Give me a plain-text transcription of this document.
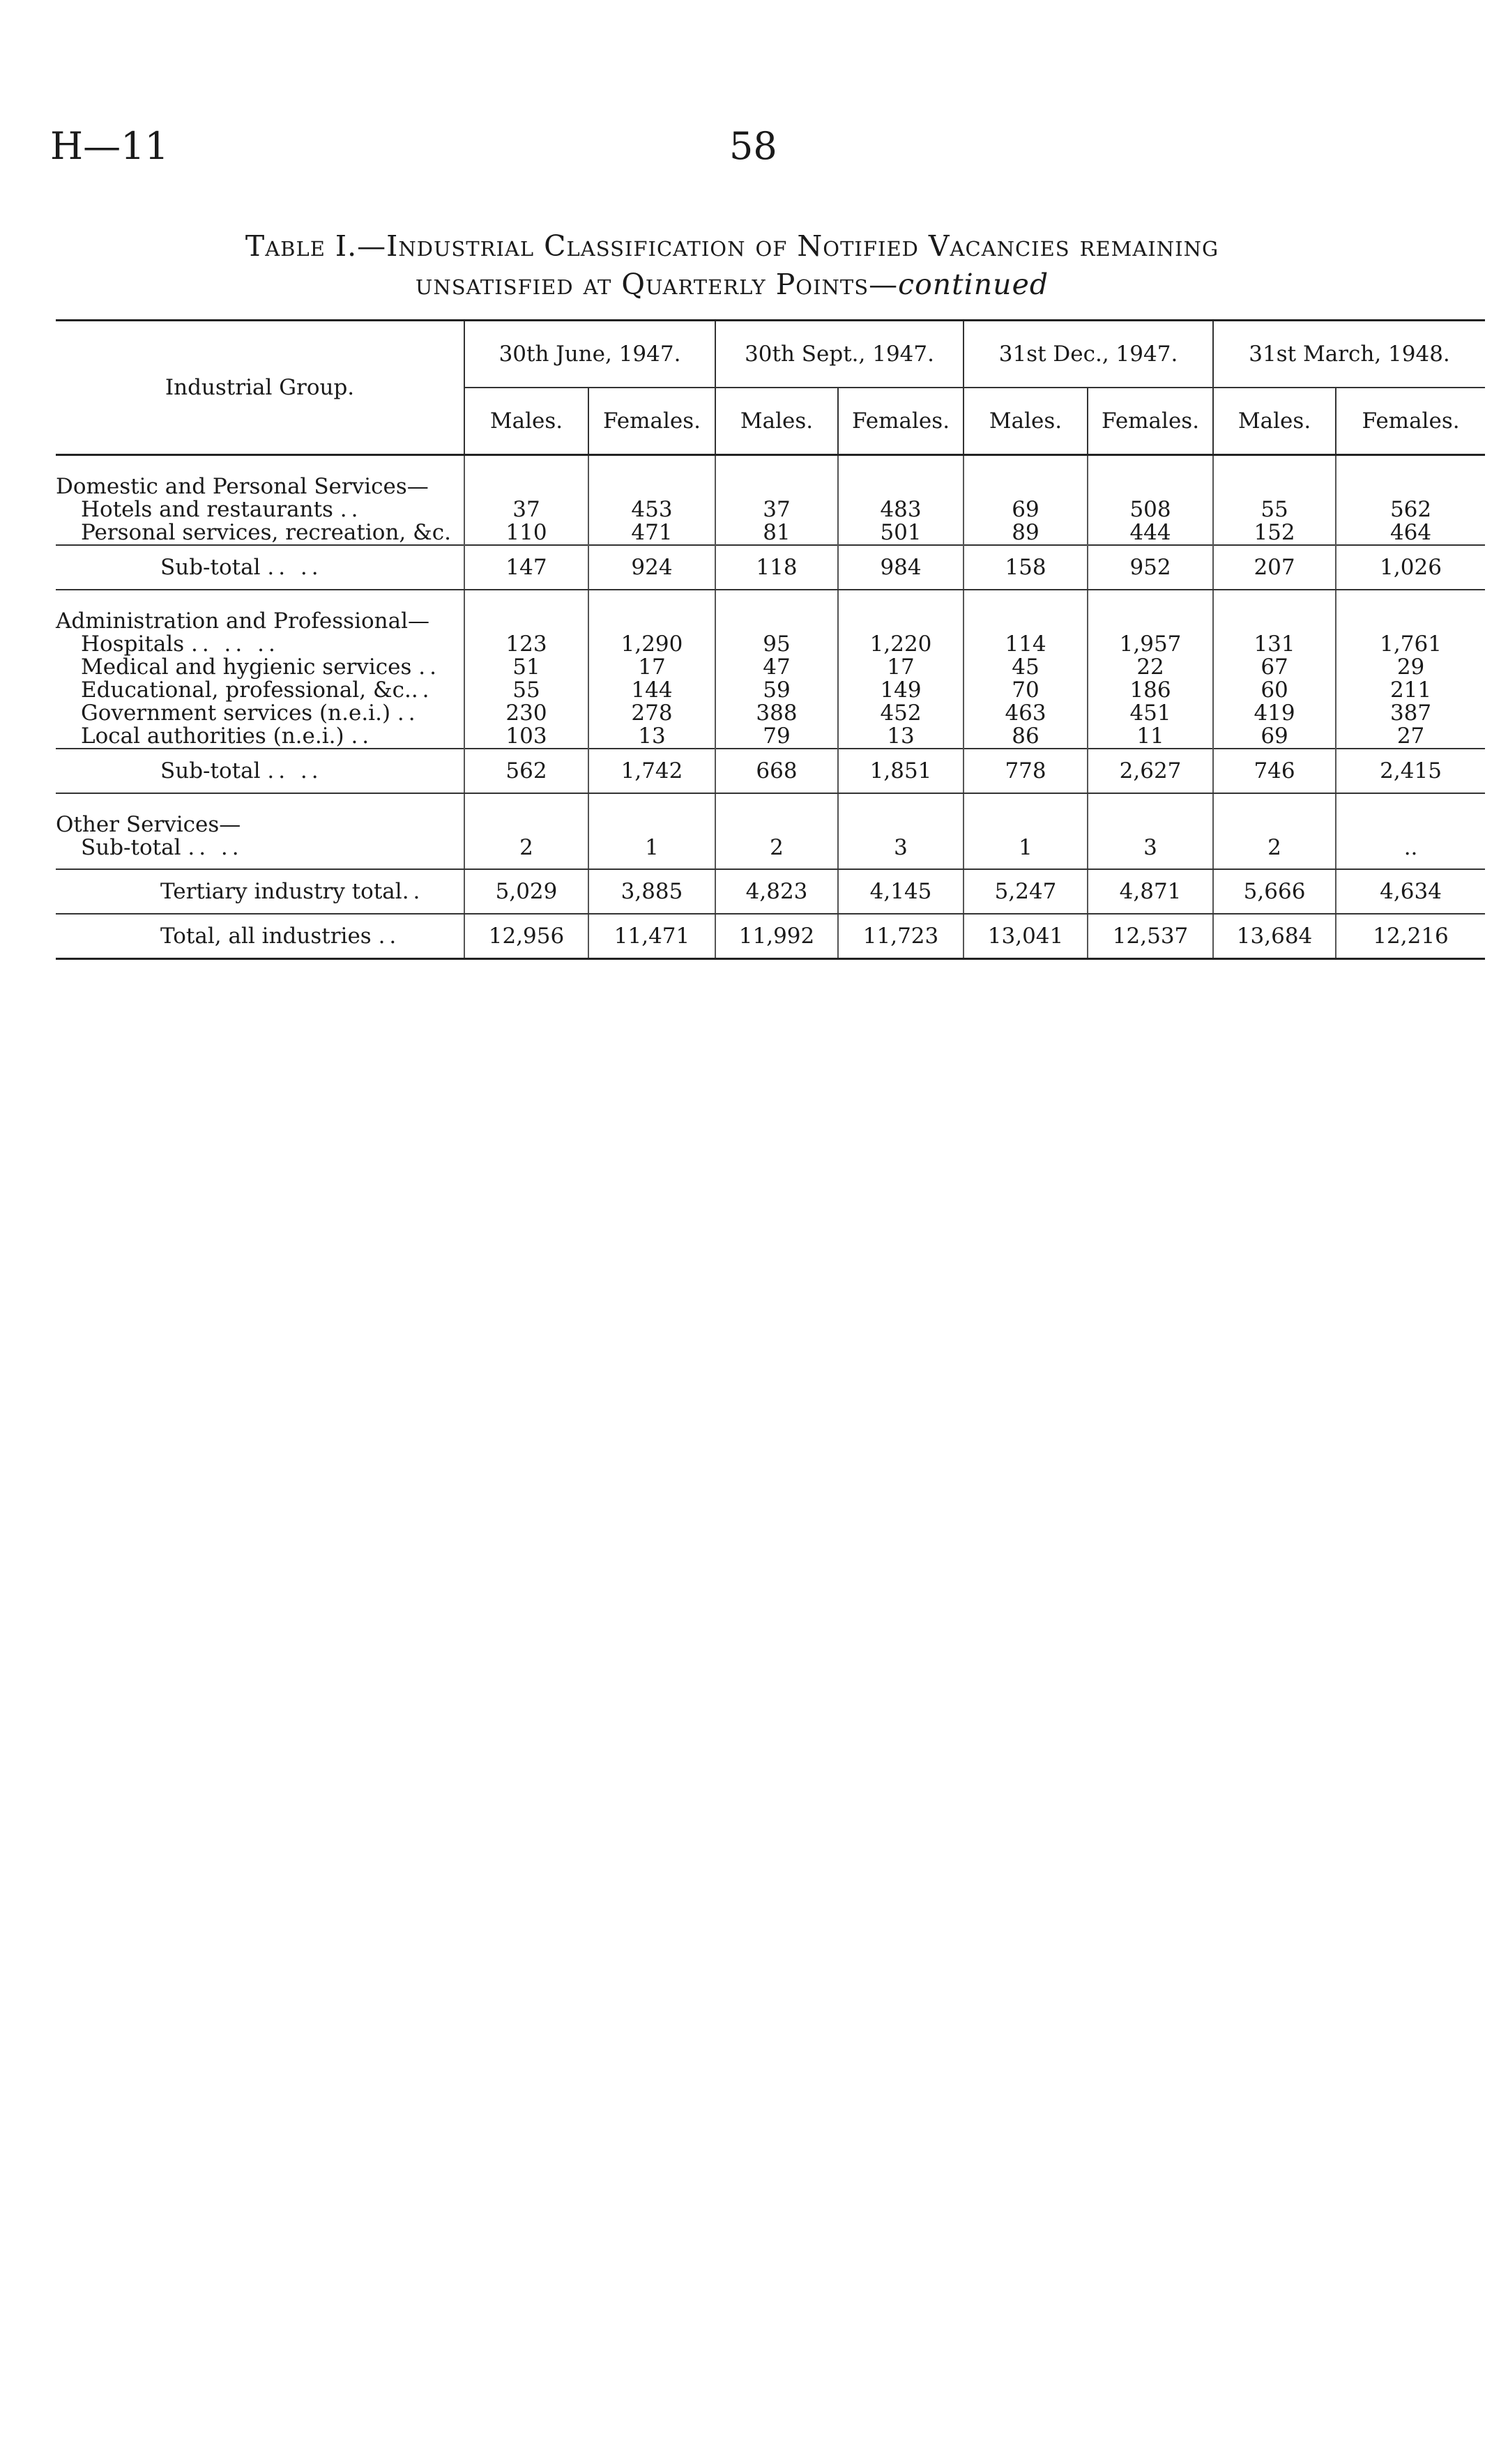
H—11	58
Table I.—Industrial Classification of Notified Vacancies remaining
unsatisfied at Quarterly Points—continued
Industrial Group.	30th June, 1947.		30th Sept., 1947.		31st Dec., 1947.		31st March, 1948.	
	Males.	Females.	Males.	Females.	Males.	Females.	Males.	Females.

Domestic and Personal Services—								
Hotels and restaurants ..	37	453	37	483	69	508	55	562
Personal services, recreation, &c.	110	471	81	501	89	444	152	464
Sub-total .. ..	147	924	118	984	158	952	207	1,026

Administration and Professional—								
Hospitals .. .. ..	123	1,290	95	1,220	114	1,957	131	1,761
Medical and hygienic services ..	51	17	47	17	45	22	67	29
Educational, professional, &c...	55	144	59	149	70	186	60	211
Government services (n.e.i.) ..	230	278	388	452	463	451	419	387
Local authorities (n.e.i.) ..	103	13	79	13	86	11	69	27
Sub-total .. ..	562	1,742	668	1,851	778	2,627	746	2,415

Other Services—								
Sub-total .. ..	2	1	2	3	1	3	2	..
Tertiary industry total..	5,029	3,885	4,823	4,145	5,247	4,871	5,666	4,634
Total, all industries ..	12,956	11,471	11,992	11,723	13,041	12,537	13,684	12,216
